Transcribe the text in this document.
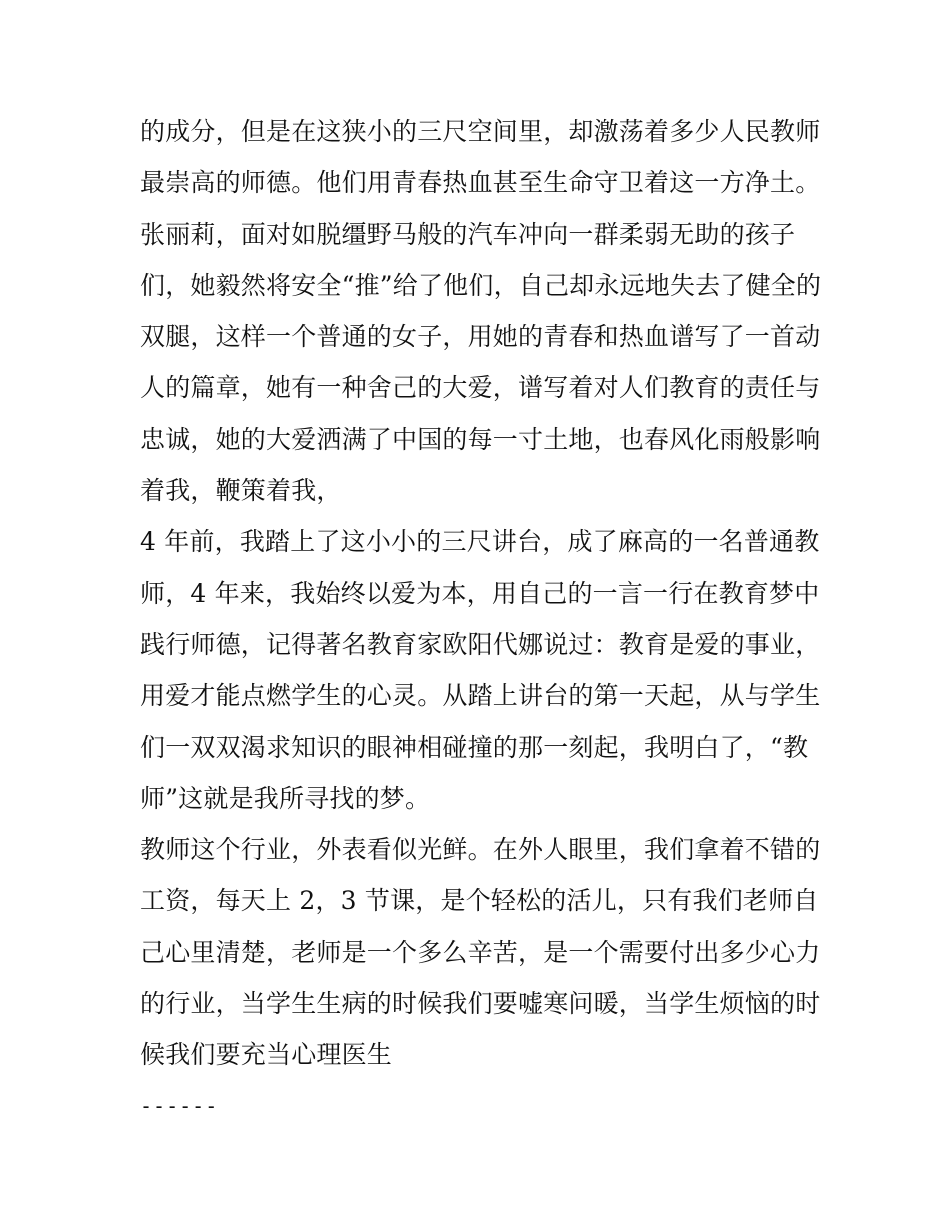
的成分，但是在这狭小的三尺空间里，却激荡着多少人民教师
最崇高的师德。他们用青春热血甚至生命守卫着这一方净土。
张丽莉，面对如脱缰野马般的汽车冲向一群柔弱无助的孩子
们，她毅然将安全“推”给了他们，自己却永远地失去了健全的
双腿，这样一个普通的女子，用她的青春和热血谱写了一首动
人的篇章，她有一种舍己的大爱，谱写着对人们教育的责任与
忠诚，她的大爱洒满了中国的每一寸土地，也春风化雨般影响
着我，鞭策着我，
4 年前，我踏上了这小小的三尺讲台，成了麻高的一名普通教
师，4 年来，我始终以爱为本，用自己的一言一行在教育梦中
践行师德，记得著名教育家欧阳代娜说过：教育是爱的事业，
用爱才能点燃学生的心灵。从踏上讲台的第一天起，从与学生
们一双双渴求知识的眼神相碰撞的那一刻起，我明白了，“教
师”这就是我所寻找的梦。
教师这个行业，外表看似光鲜。在外人眼里，我们拿着不错的
工资，每天上 2，3 节课，是个轻松的活儿，只有我们老师自
己心里清楚，老师是一个多么辛苦，是一个需要付出多少心力
的行业，当学生生病的时候我们要嘘寒问暖，当学生烦恼的时
候我们要充当心理医生
------
